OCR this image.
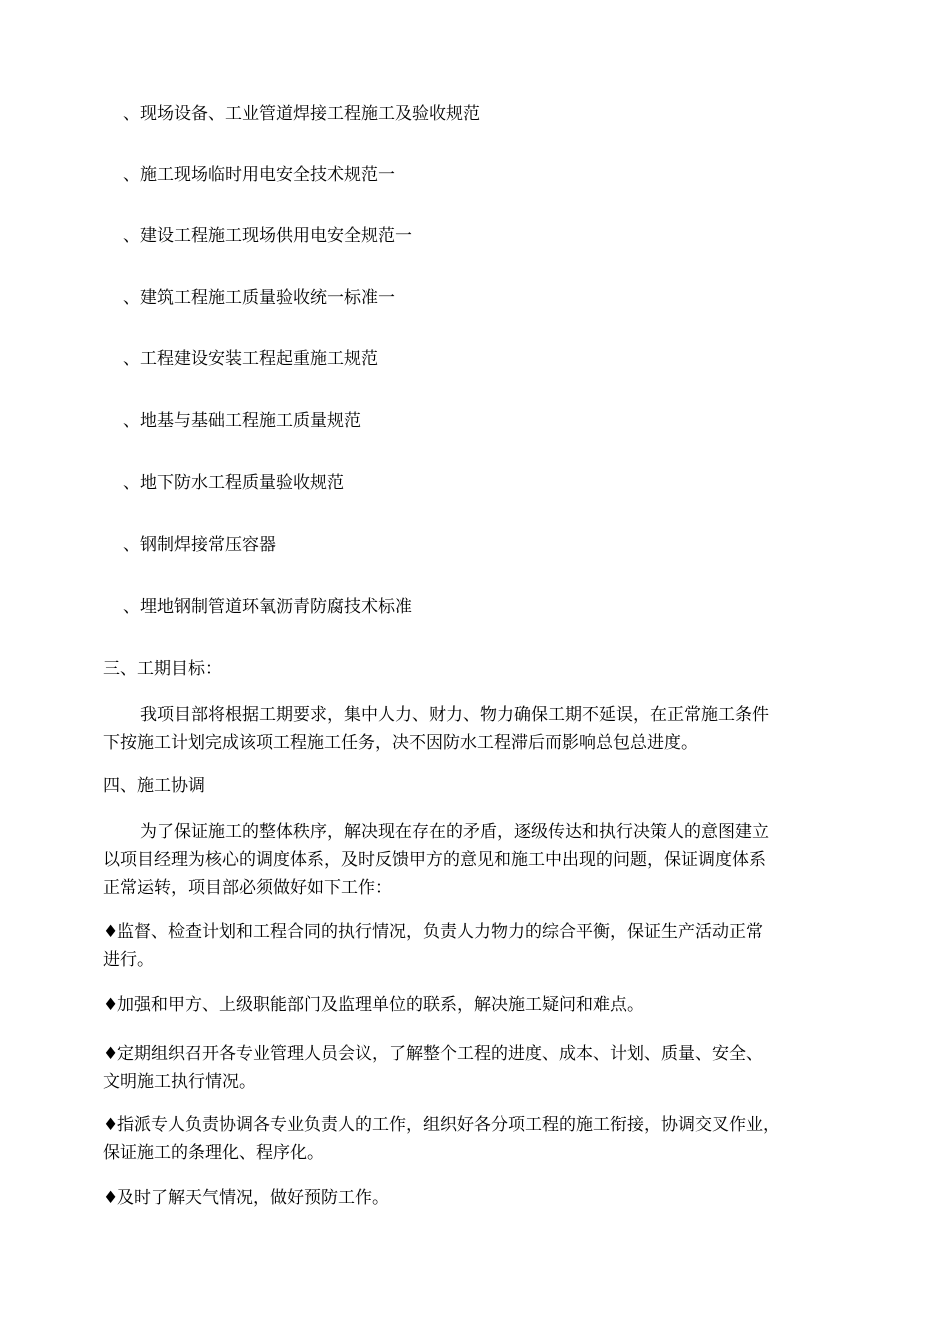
、现场设备、工业管道焊接工程施工及验收规范
、施工现场临时用电安全技术规范一
、建设工程施工现场供用电安全规范一
、建筑工程施工质量验收统一标准一
、工程建设安装工程起重施工规范
、地基与基础工程施工质量规范
、地下防水工程质量验收规范
、钢制焊接常压容器
、埋地钢制管道环氧沥青防腐技术标准
三、工期目标：
我项目部将根据工期要求，集中人力、财力、物力确保工期不延误，在正常施工条件
下按施工计划完成该项工程施工任务，决不因防水工程滞后而影响总包总进度。
四、施工协调
为了保证施工的整体秩序，解决现在存在的矛盾，逐级传达和执行决策人的意图建立
以项目经理为核心的调度体系，及时反馈甲方的意见和施工中出现的问题，保证调度体系
正常运转，项目部必须做好如下工作：
♦监督、检查计划和工程合同的执行情况，负责人力物力的综合平衡，保证生产活动正常
进行。
♦加强和甲方、上级职能部门及监理单位的联系，解决施工疑问和难点。
♦定期组织召开各专业管理人员会议，了解整个工程的进度、成本、计划、质量、安全、
文明施工执行情况。
♦指派专人负责协调各专业负责人的工作，组织好各分项工程的施工衔接，协调交叉作业，
保证施工的条理化、程序化。
♦及时了解天气情况，做好预防工作。
